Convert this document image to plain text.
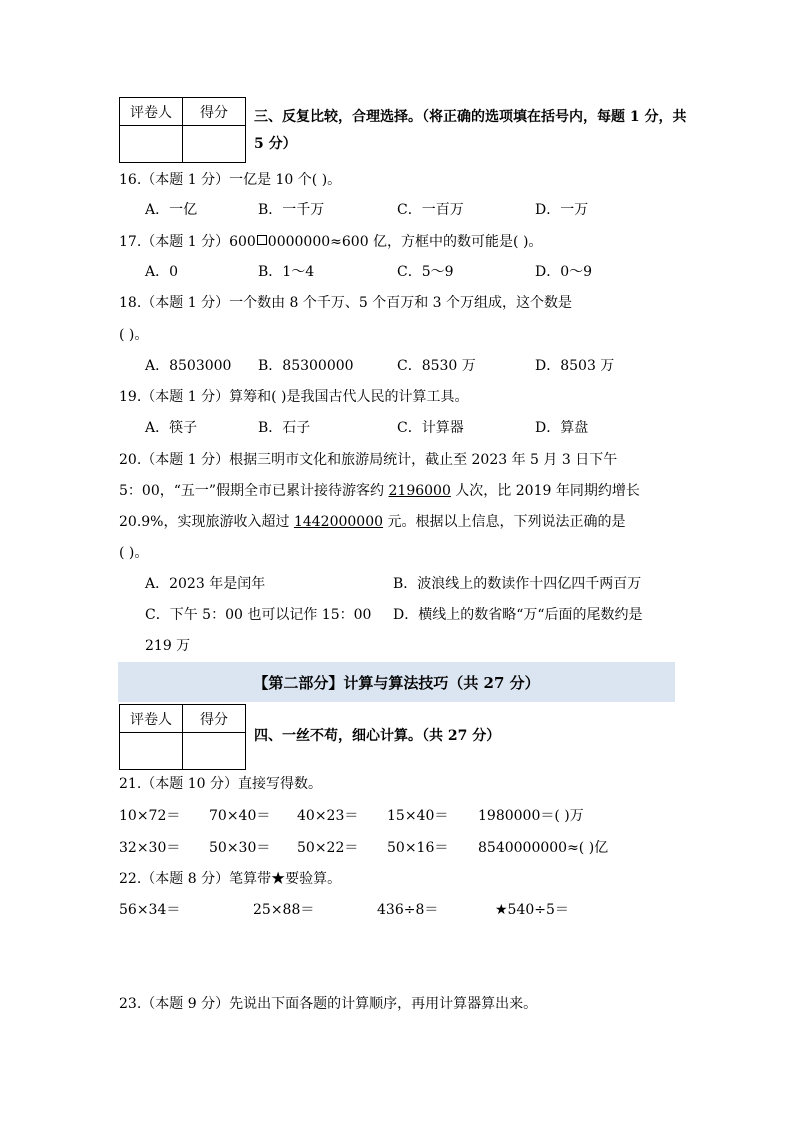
评卷人	得分
	三、反复比较，合理选择。（将正确的选项填在括号内，每题 1 分，共 5 分）
16.（本题 1 分）一亿是 10 个( )。
A．一亿	B．一千万	C．一百万	D．一万
17.（本题 1 分）600 0000000≈600 亿，方框中的数可能是( )。
A．0	B．1～4	C．5～9	D．0～9
18.（本题 1 分）一个数由 8 个千万、5 个百万和 3 个万组成，这个数是
( )。
A．8503000 B．85300000	C．8530 万	D．8503 万
19.（本题 1 分）算筹和( )是我国古代人民的计算工具。
A．筷子	B．石子	C．计算器	D．算盘
20.（本题 1 分）根据三明市文化和旅游局统计，截止至 2023 年 5 月 3 日下午
5：00，“五一”假期全市已累计接待游客约 2196000 人次，比 2019 年同期约增长
20.9%，实现旅游收入超过 1442000000 元。根据以上信息，下列说法正确的是
( )。
A．2023 年是闰年	B．波浪线上的数读作十四亿四千两百万
C．下午 5：00 也可以记作 15：00 D．横线上的数省略“万“后面的尾数约是
219 万
【第二部分】计算与算法技巧（共 27 分）
评卷人	得分

四、一丝不苟，细心计算。（共 27 分）
21.（本题 10 分）直接写得数。
10×72＝ 70×40＝ 40×23＝ 15×40＝ 1980000＝( )万
32×30＝ 50×30＝ 50×22＝ 50×16＝ 8540000000≈( )亿
22.（本题 8 分）笔算带★要验算。
56×34＝	25×88＝	436÷8＝	★540÷5＝
23.（本题 9 分）先说出下面各题的计算顺序，再用计算器算出来。
